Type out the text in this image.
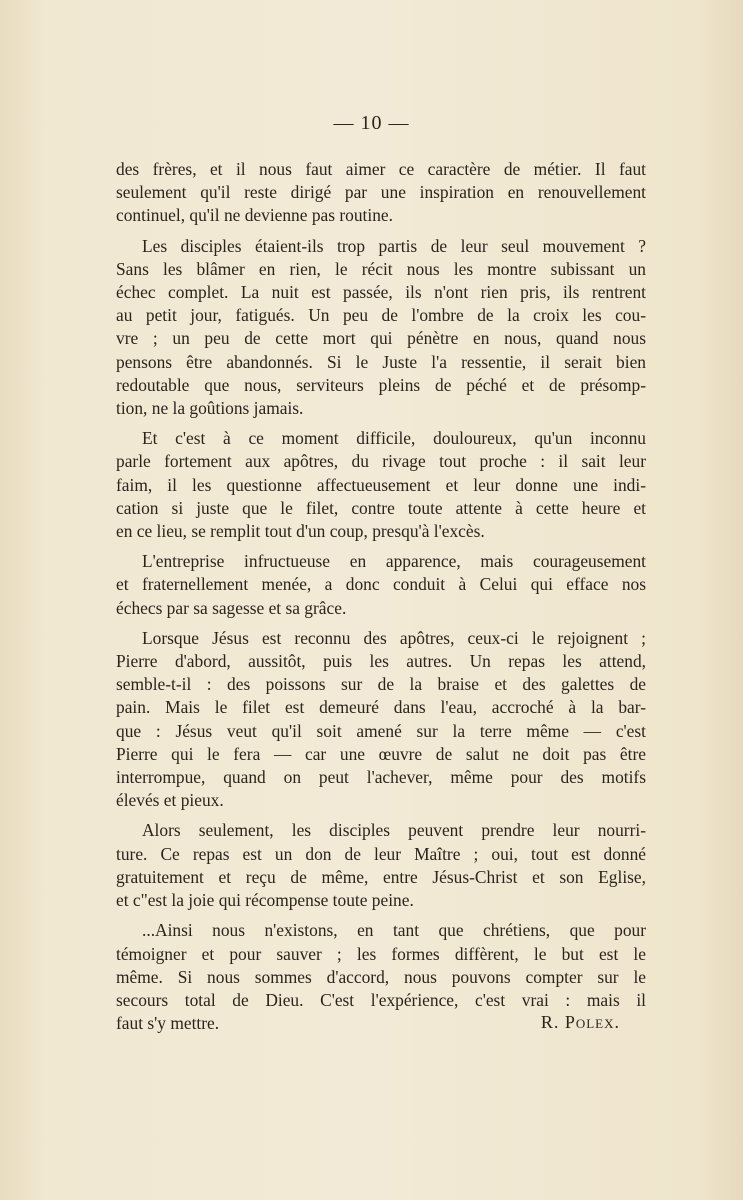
— 10 —

des frères, et il nous faut aimer ce caractère de métier. Il faut
seulement qu'il reste dirigé par une inspiration en renouvellement
continuel, qu'il ne devienne pas routine.

Les disciples étaient-ils trop partis de leur seul mouvement ?
Sans les blâmer en rien, le récit nous les montre subissant un
échec complet. La nuit est passée, ils n'ont rien pris, ils rentrent
au petit jour, fatigués. Un peu de l'ombre de la croix les cou-
vre ; un peu de cette mort qui pénètre en nous, quand nous
pensons être abandonnés. Si le Juste l'a ressentie, il serait bien
redoutable que nous, serviteurs pleins de péché et de présomp-
tion, ne la goûtions jamais.

Et c'est à ce moment difficile, douloureux, qu'un inconnu
parle fortement aux apôtres, du rivage tout proche : il sait leur
faim, il les questionne affectueusement et leur donne une indi-
cation si juste que le filet, contre toute attente à cette heure et
en ce lieu, se remplit tout d'un coup, presqu'à l'excès.

L'entreprise infructueuse en apparence, mais courageusement
et fraternellement menée, a donc conduit à Celui qui efface nos
échecs par sa sagesse et sa grâce.

Lorsque Jésus est reconnu des apôtres, ceux-ci le rejoignent ;
Pierre d'abord, aussitôt, puis les autres. Un repas les attend,
semble-t-il : des poissons sur de la braise et des galettes de
pain. Mais le filet est demeuré dans l'eau, accroché à la bar-
que : Jésus veut qu'il soit amené sur la terre même — c'est
Pierre qui le fera — car une œuvre de salut ne doit pas être
interrompue, quand on peut l'achever, même pour des motifs
élevés et pieux.

Alors seulement, les disciples peuvent prendre leur nourri-
ture. Ce repas est un don de leur Maître ; oui, tout est donné
gratuitement et reçu de même, entre Jésus-Christ et son Eglise,
et c"est la joie qui récompense toute peine.

...Ainsi nous n'existons, en tant que chrétiens, que pour
témoigner et pour sauver ; les formes diffèrent, le but est le
même. Si nous sommes d'accord, nous pouvons compter sur le
secours total de Dieu. C'est l'expérience, c'est vrai : mais il
faut s'y mettre.	R. Polex.
